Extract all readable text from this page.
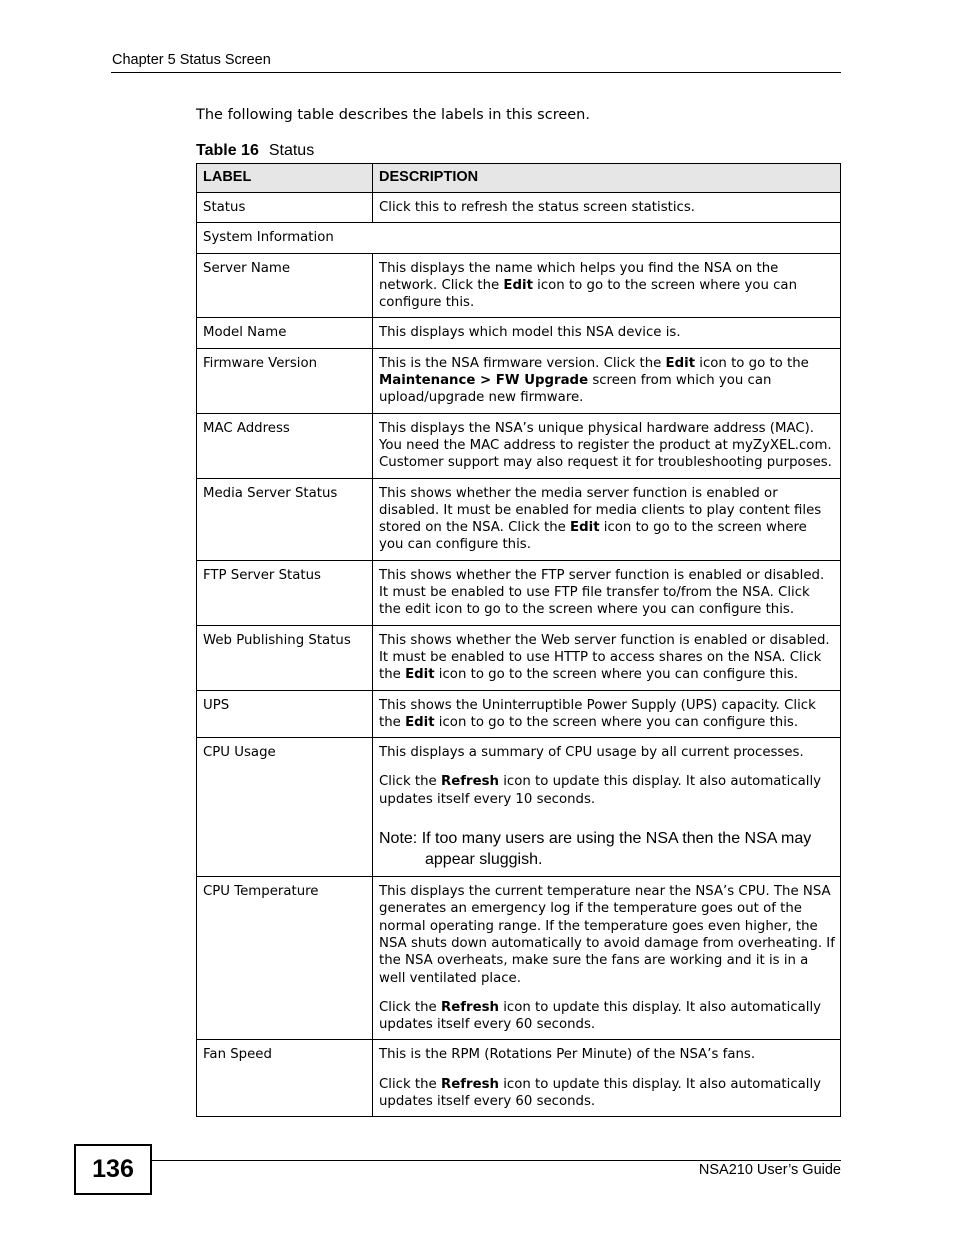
Chapter 5 Status Screen
The following table describes the labels in this screen.
Table 16 Status
LABEL	DESCRIPTION
Status	Click this to refresh the status screen statistics.

System Information	
Server Name	This displays the name which helps you find the NSA on the network. Click the Edit icon to go to the screen where you can configure this.

Model Name	This displays which model this NSA device is.

Firmware Version	This is the NSA firmware version. Click the Edit icon to go to the Maintenance > FW Upgrade screen from which you can upload/upgrade new firmware.

MAC Address	This displays the NSA’s unique physical hardware address (MAC). You need the MAC address to register the product at myZyXEL.com. Customer support may also request it for troubleshooting purposes.

Media Server Status	This shows whether the media server function is enabled or disabled. It must be enabled for media clients to play content files stored on the NSA. Click the Edit icon to go to the screen where you can configure this.

FTP Server Status	This shows whether the FTP server function is enabled or disabled. It must be enabled to use FTP file transfer to/from the NSA. Click the edit icon to go to the screen where you can configure this.

Web Publishing Status	This shows whether the Web server function is enabled or disabled. It must be enabled to use HTTP to access shares on the NSA. Click the Edit icon to go to the screen where you can configure this.

UPS	This shows the Uninterruptible Power Supply (UPS) capacity. Click the Edit icon to go to the screen where you can configure this.

CPU Usage	This displays a summary of CPU usage by all current processes.

Click the Refresh icon to update this display. It also automatically updates itself every 10 seconds.

Note: If too many users are using the NSA then the NSA may appear sluggish.

CPU Temperature	This displays the current temperature near the NSA’s CPU. The NSA generates an emergency log if the temperature goes out of the normal operating range. If the temperature goes even higher, the NSA shuts down automatically to avoid damage from overheating. If the NSA overheats, make sure the fans are working and it is in a well ventilated place.

Click the Refresh icon to update this display. It also automatically updates itself every 60 seconds.

Fan Speed	This is the RPM (Rotations Per Minute) of the NSA’s fans.

Click the Refresh icon to update this display. It also automatically updates itself every 60 seconds.

136	NSA210 User’s Guide
